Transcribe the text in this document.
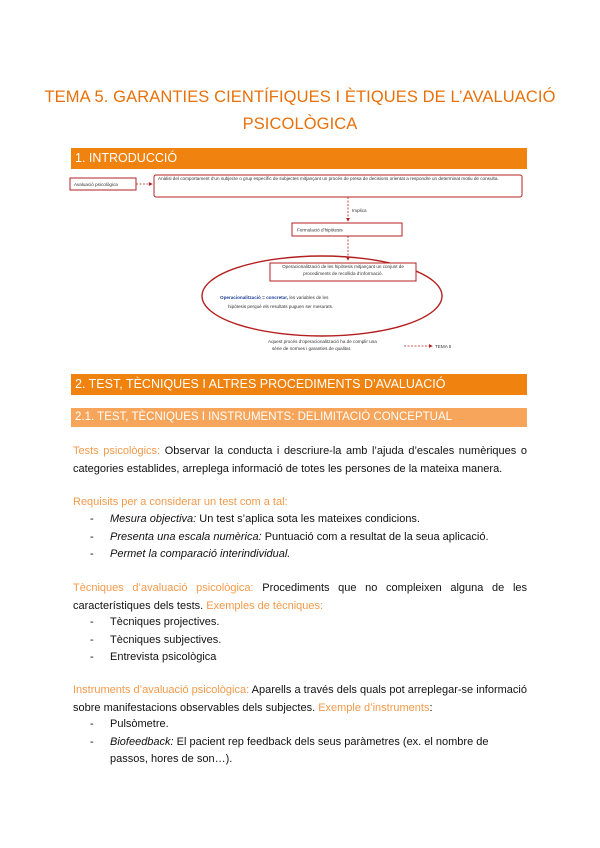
TEMA 5. GARANTIES CIENTÍFIQUES I ÈTIQUES DE L’AVALUACIÓ
PSICOLÒGICA
1. INTRODUCCIÓ
Avaluació psicològica
Anàlisi del comportament d’un subjecte o grup específic de subjectes mitjançant un procés de presa de decisions orientat a respondre un determinat motiu de consulta.
Implica
Formulació d’hipòtesis
Operacionalització de les hipòtesis mitjançant un conjunt de procediments de recollida d’informació.
Operacionalització = concretar, les variables de les
hipòtesis perquè els resultats puguen ser mesurats.
Aquest procés d’operacionalització ha de complir una
sèrie de normes i garanties de qualitat.	TEMA 5
2. TEST, TÈCNIQUES I ALTRES PROCEDIMENTS D’AVALUACIÓ
2.1. TEST, TÈCNIQUES I INSTRUMENTS: DELIMITACIÓ CONCEPTUAL
Tests psicològics: Observar la conducta i descriure-la amb l’ajuda d’escales numèriques o categories establides, arreplega informació de totes les persones de la mateixa manera.
Requisits per a considerar un test com a tal:
- Mesura objectiva: Un test s’aplica sota les mateixes condicions.
- Presenta una escala numèrica: Puntuació com a resultat de la seua aplicació.
- Permet la comparació interindividual.
Tècniques d’avaluació psicològica: Procediments que no compleixen alguna de les característiques dels tests. Exemples de tècniques:
- Tècniques projectives.
- Tècniques subjectives.
- Entrevista psicològica
Instruments d’avaluació psicològica: Aparells a través dels quals pot arreplegar-se informació sobre manifestacions observables dels subjectes. Exemple d’instruments:
- Pulsòmetre.
- Biofeedback: El pacient rep feedback dels seus paràmetres (ex. el nombre de passos, hores de son…).
